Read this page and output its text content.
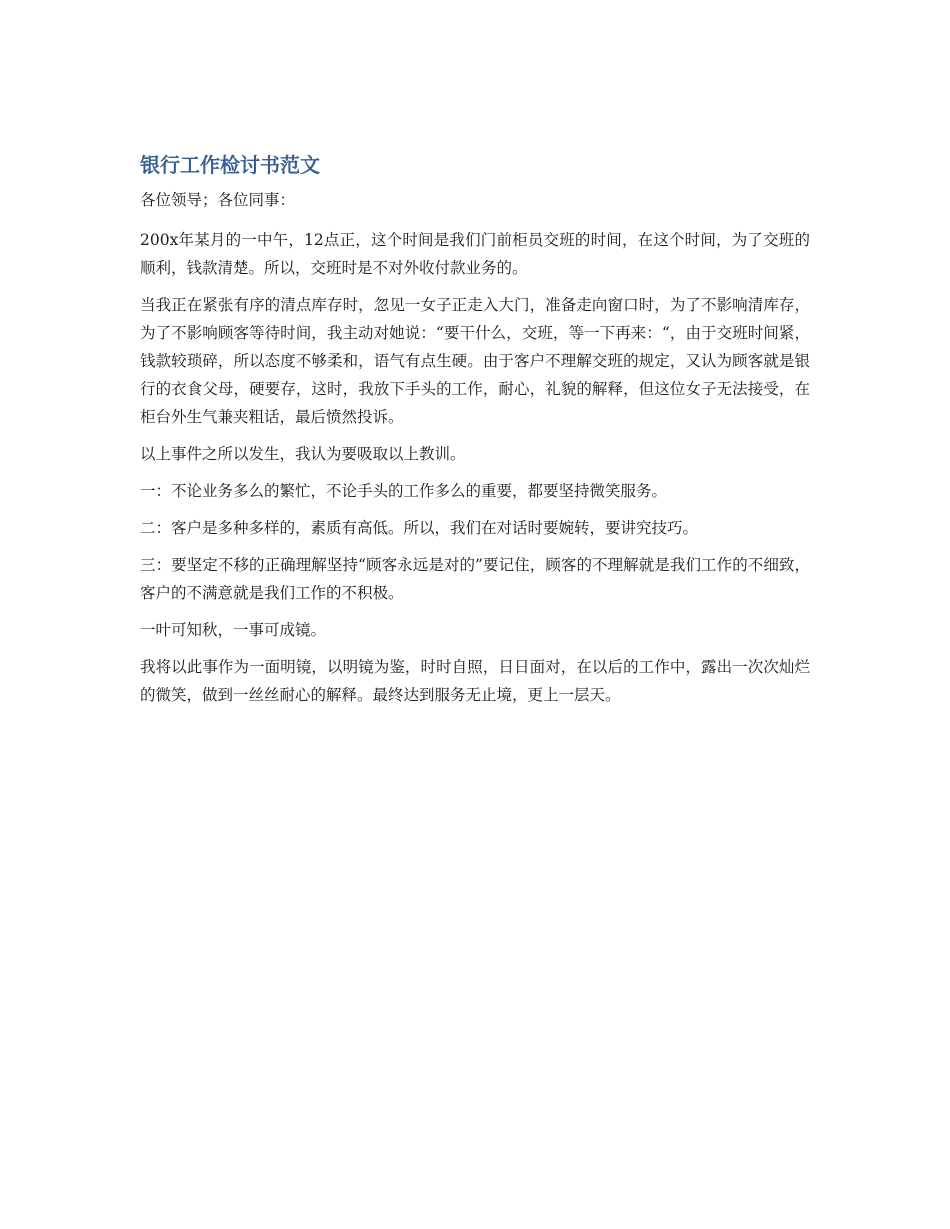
银行工作检讨书范文

各位领导；各位同事：

200x年某月的一中午，12点正，这个时间是我们门前柜员交班的时间，在这个时间，为了交班的顺利，钱款清楚。所以，交班时是不对外收付款业务的。

当我正在紧张有序的清点库存时，忽见一女子正走入大门，准备走向窗口时，为了不影响清库存，为了不影响顾客等待时间，我主动对她说：“要干什么，交班，等一下再来：“，由于交班时间紧，钱款较琐碎，所以态度不够柔和，语气有点生硬。由于客户不理解交班的规定，又认为顾客就是银行的衣食父母，硬要存，这时，我放下手头的工作，耐心，礼貌的解释，但这位女子无法接受，在柜台外生气兼夹粗话，最后愤然投诉。

以上事件之所以发生，我认为要吸取以上教训。

一：不论业务多么的繁忙，不论手头的工作多么的重要，都要坚持微笑服务。

二：客户是多种多样的，素质有高低。所以，我们在对话时要婉转，要讲究技巧。

三：要坚定不移的正确理解坚持“顾客永远是对的”要记住，顾客的不理解就是我们工作的不细致，客户的不满意就是我们工作的不积极。

一叶可知秋，一事可成镜。

我将以此事作为一面明镜，以明镜为鉴，时时自照，日日面对，在以后的工作中，露出一次次灿烂的微笑，做到一丝丝耐心的解释。最终达到服务无止境，更上一层天。
